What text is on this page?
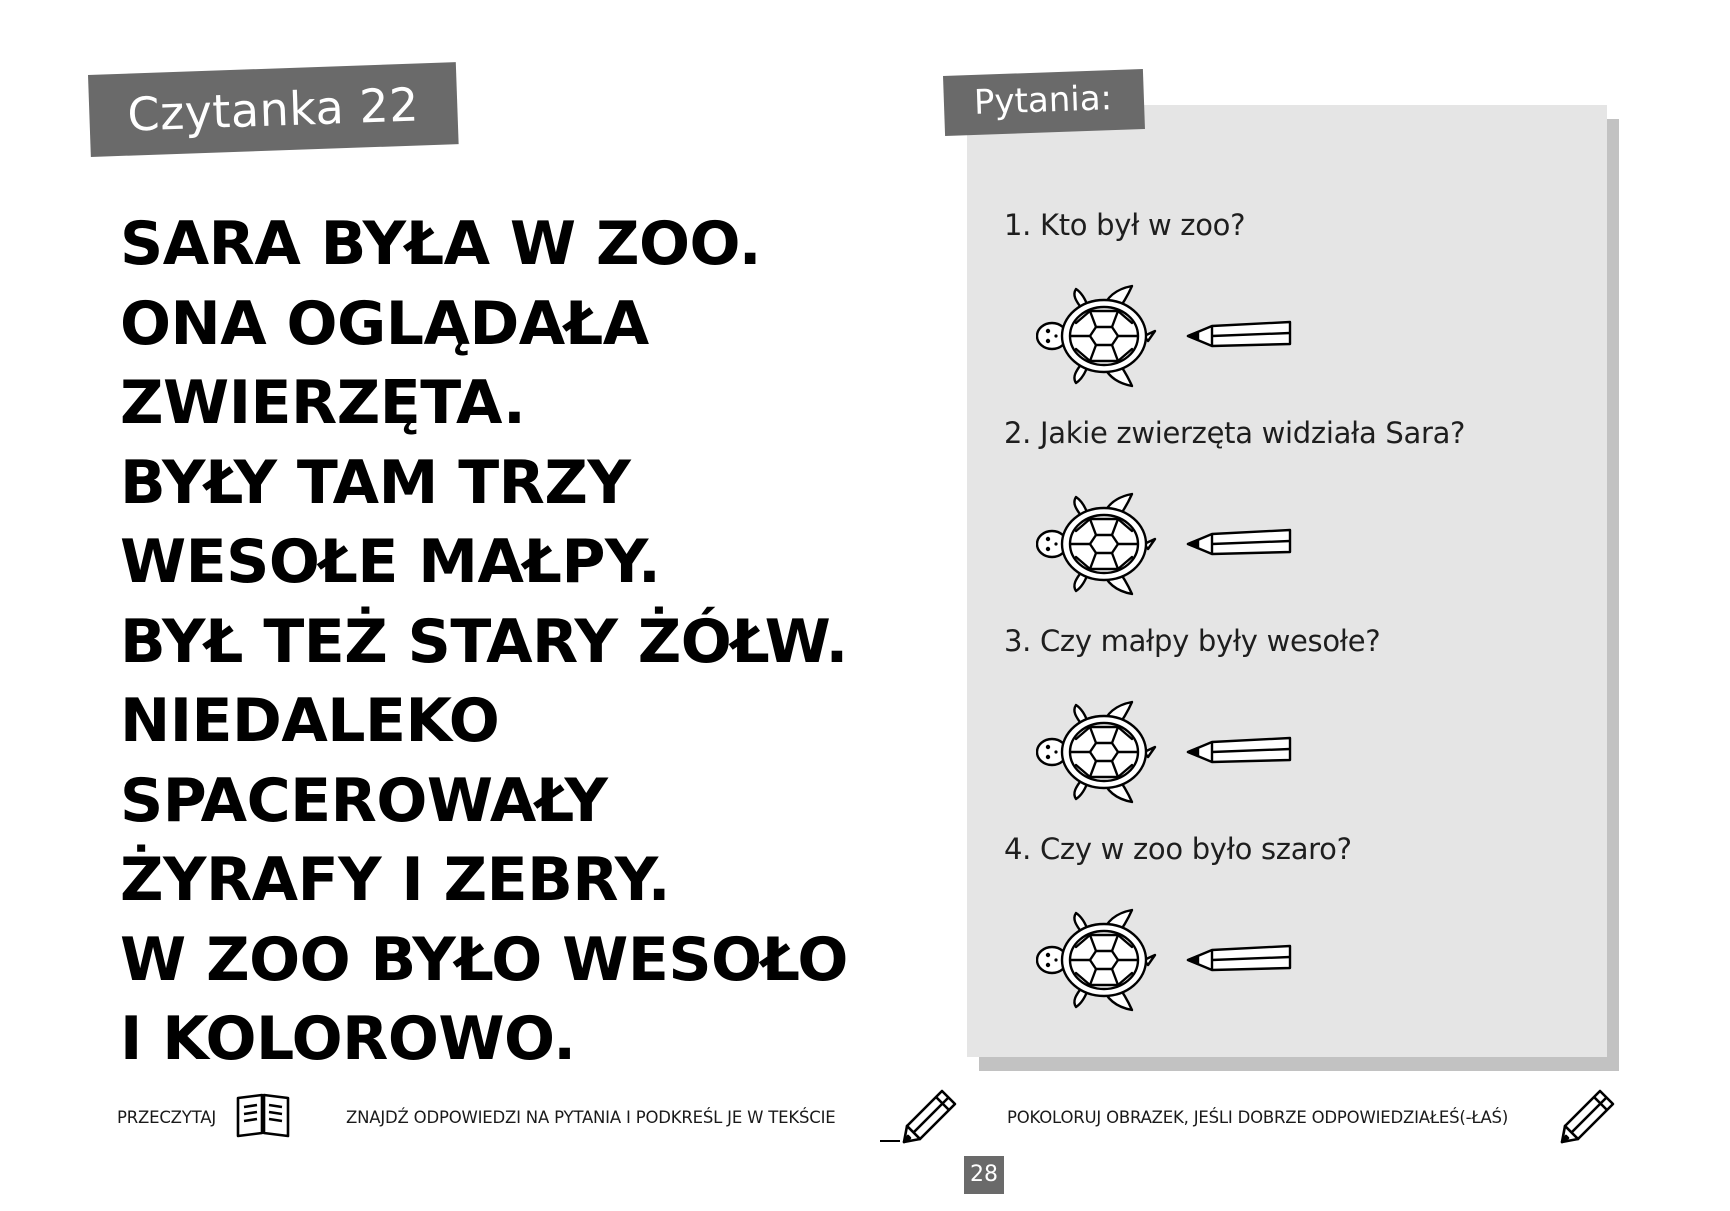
Czytanka 22
SARA BYŁA W ZOO.
ONA OGLĄDAŁA
ZWIERZĘTA.
BYŁY TAM TRZY
WESOŁE MAŁPY.
BYŁ TEŻ STARY ŻÓŁW.
NIEDALEKO
SPACEROWAŁY
ŻYRAFY I ZEBRY.
W ZOO BYŁO WESOŁO
I KOLOROWO.
Pytania:
1. Kto był w zoo?
2. Jakie zwierzęta widziała Sara?
3. Czy małpy były wesołe?
4. Czy w zoo było szaro?
PRZECZYTAJ	ZNAJDŹ ODPOWIEDZI NA PYTANIA I PODKREŚL JE W TEKŚCIE	POKOLORUJ OBRAZEK, JEŚLI DOBRZE ODPOWIEDZIAŁEŚ(-ŁAŚ)
28
